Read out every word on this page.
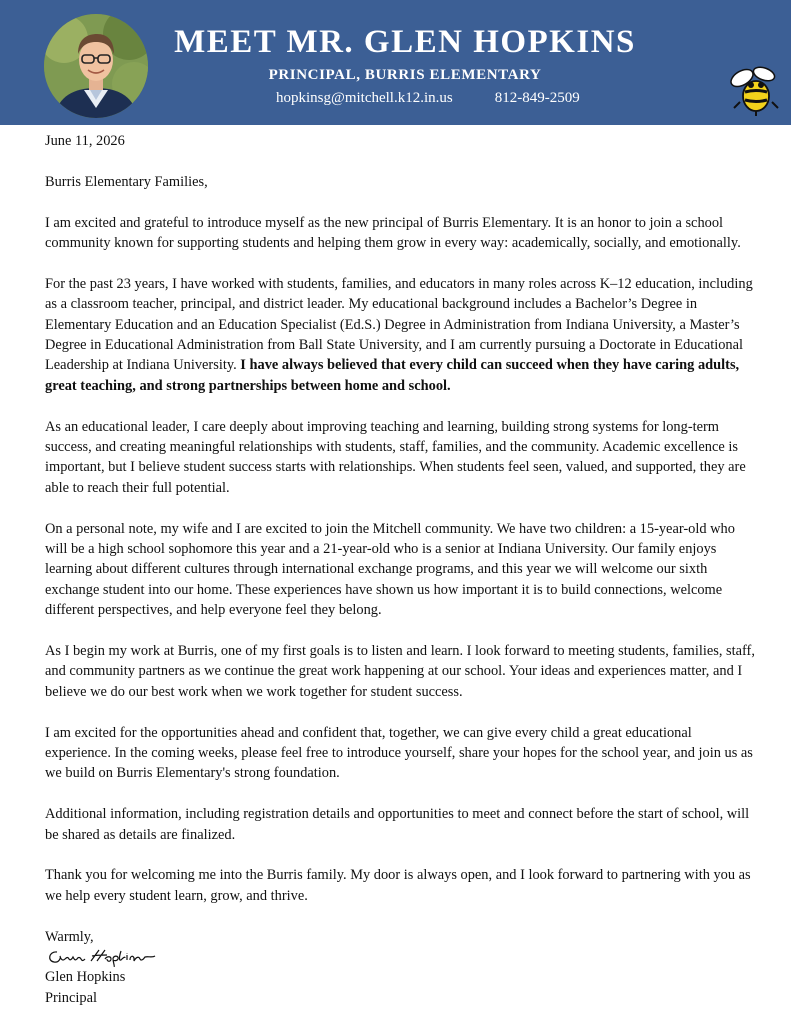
MEET MR. GLEN HOPKINS
PRINCIPAL, BURRIS ELEMENTARY
hopkinsg@mitchell.k12.in.us	812-849-2509

June 11, 2026

Burris Elementary Families,

I am excited and grateful to introduce myself as the new principal of Burris Elementary. It is an honor to join a school community known for supporting students and helping them grow in every way: academically, socially, and emotionally.

For the past 23 years, I have worked with students, families, and educators in many roles across K–12 education, including as a classroom teacher, principal, and district leader. My educational background includes a Bachelor’s Degree in Elementary Education and an Education Specialist (Ed.S.) Degree in Administration from Indiana University, a Master’s Degree in Educational Administration from Ball State University, and I am currently pursuing a Doctorate in Educational Leadership at Indiana University. I have always believed that every child can succeed when they have caring adults, great teaching, and strong partnerships between home and school.

As an educational leader, I care deeply about improving teaching and learning, building strong systems for long-term success, and creating meaningful relationships with students, staff, families, and the community. Academic excellence is important, but I believe student success starts with relationships. When students feel seen, valued, and supported, they are able to reach their full potential.

On a personal note, my wife and I are excited to join the Mitchell community. We have two children: a 15-year-old who will be a high school sophomore this year and a 21-year-old who is a senior at Indiana University. Our family enjoys learning about different cultures through international exchange programs, and this year we will welcome our sixth exchange student into our home. These experiences have shown us how important it is to build connections, welcome different perspectives, and help everyone feel they belong.

As I begin my work at Burris, one of my first goals is to listen and learn. I look forward to meeting students, families, staff, and community partners as we continue the great work happening at our school. Your ideas and experiences matter, and I believe we do our best work when we work together for student success.

I am excited for the opportunities ahead and confident that, together, we can give every child a great educational experience. In the coming weeks, please feel free to introduce yourself, share your hopes for the school year, and join us as we build on Burris Elementary's strong foundation.

Additional information, including registration details and opportunities to meet and connect before the start of school, will be shared as details are finalized.

Thank you for welcoming me into the Burris family. My door is always open, and I look forward to partnering with you as we help every student learn, grow, and thrive.

Warmly,

Glen Hopkins

Principal
